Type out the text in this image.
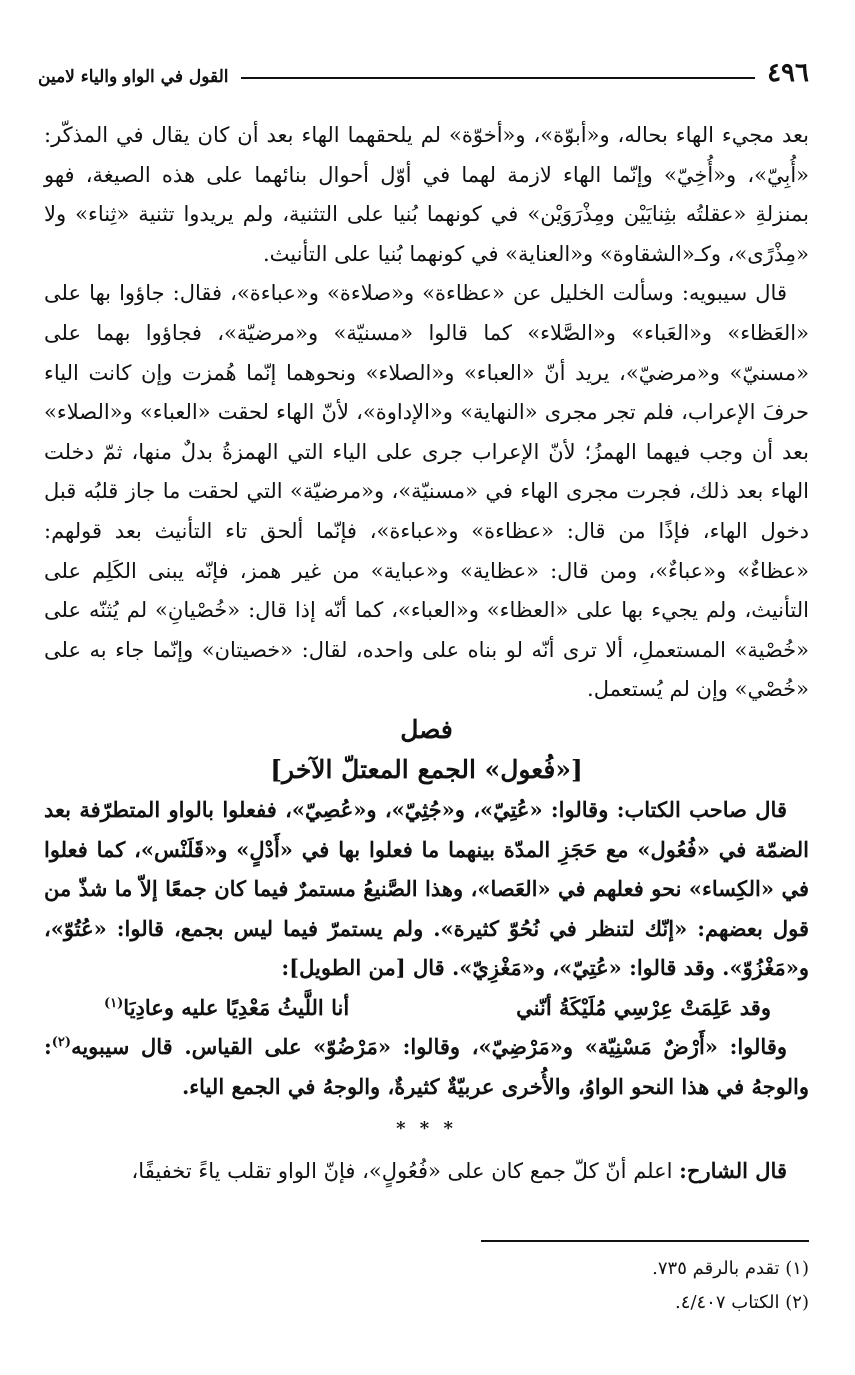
٤٩٦
القول في الواو والياء لامين

بعد مجيء الهاء بحاله، و«أبوّة»، و«أخوّة» لم يلحقهما الهاء بعد أن كان يقال في المذكّر: «أُبِيّ»، و«أُخِيّ» وإنّما الهاء لازمة لهما في أوّل أحوال بنائهما على هذه الصيغة، فهو بمنزلةِ «عقلتُه بثِنايَيْن ومِذْرَوَيْن» في كونهما بُنيا على التثنية، ولم يريدوا تثنية «ثِناء» ولا «مِذْرًى»، وكـ«الشقاوة» و«العناية» في كونهما بُنيا على التأنيث.

قال سيبويه: وسألت الخليل عن «عظاءة» و«صلاءة» و«عباءة»، فقال: جاؤوا بها على «العَظاء» و«العَباء» و«الصَّلاء» كما قالوا «مسنيّة» و«مرضيّة»، فجاؤوا بهما على «مسنيّ» و«مرضيّ»، يريد أنّ «العباء» و«الصلاء» ونحوهما إنّما هُمزت وإن كانت الياء حرفَ الإعراب، فلم تجر مجرى «النهاية» و«الإداوة»، لأنّ الهاء لحقت «العباء» و«الصلاء» بعد أن وجب فيهما الهمزُ؛ لأنّ الإعراب جرى على الياء التي الهمزةُ بدلٌ منها، ثمّ دخلت الهاء بعد ذلك، فجرت مجرى الهاء في «مسنيّة»، و«مرضيّة» التي لحقت ما جاز قلبُه قبل دخول الهاء، فإذًا من قال: «عظاءة» و«عباءة»، فإنّما ألحق تاء التأنيث بعد قولهم: «عظاءٌ» و«عباءٌ»، ومن قال: «عظاية» و«عباية» من غير همز، فإنّه يبنى الكَلِم على التأنيث، ولم يجيء بها على «العظاء» و«العباء»، كما أنّه إذا قال: «خُصْيانِ» لم يُثنّه على «خُصْية» المستعملِ، ألا ترى أنّه لو بناه على واحده، لقال: «خصيتان» وإنّما جاء به على «خُصْي» وإن لم يُستعمل.

فصل
[«فُعول» الجمع المعتلّ الآخر]

قال صاحب الكتاب: وقالوا: «عُتِيّ»، و«جُثِيّ»، و«عُصِيّ»، ففعلوا بالواو المتطرّفة بعد الضمّة في «فُعُول» مع حَجَزِ المدّة بينهما ما فعلوا بها في «أَدْلٍ» و«قَلَنْس»، كما فعلوا في «الكِساء» نحو فعلهم في «العَصا»، وهذا الصَّنيعُ مستمرٌ فيما كان جمعًا إلاّ ما شذّ من قول بعضهم: «إنّك لتنظر في نُحُوّ كثيرة». ولم يستمرّ فيما ليس بجمع، قالوا: «عُتُوّ»، و«مَغْزُوّ». وقد قالوا: «عُتِيّ»، و«مَغْزِيّ». قال [من الطويل]:

وقد عَلِمَتْ عِرْسِي مُلَيْكَةُ أنّني
أنا اللَّيثُ مَعْدِيًا عليه وعادِيَا$^{(١)}$

وقالوا: «أَرْضٌ مَسْنِيّة» و«مَرْضِيّ»، وقالوا: «مَرْضُوّ» على القياس. قال سيبويه$^{(٢)}$: والوجهُ في هذا النحو الواوُ، والأُخرى عربيّةٌ كثيرةٌ، والوجهُ في الجمع الياء.

* * *

قال الشارح: اعلم أنّ كلّ جمع كان على «فُعُولٍ»، فإنّ الواو تقلب ياءً تخفيفًا،

(١) تقدم بالرقم ٧٣٥.
(٢) الكتاب ٤/٤٠٧.
